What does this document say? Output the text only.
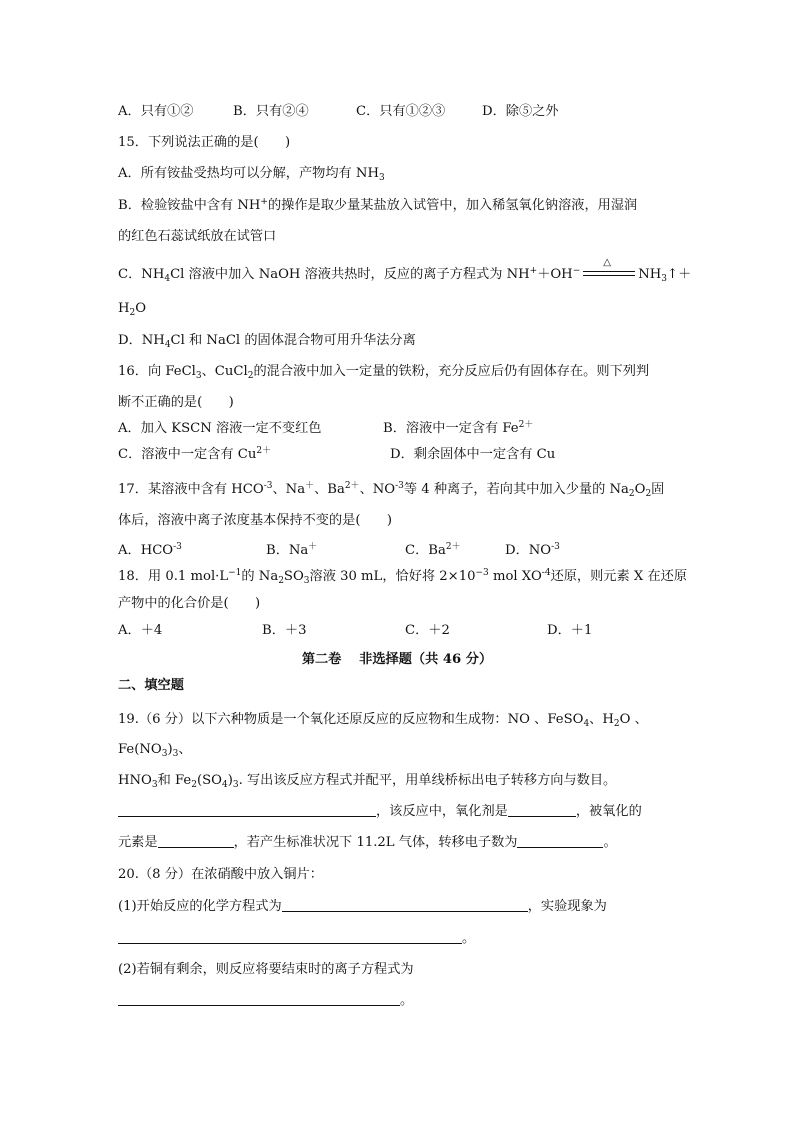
A．只有①②	B．只有②④	C．只有①②③	D．除⑤之外
15．下列说法正确的是(　　)
A．所有铵盐受热均可以分解，产物均有 $NH_3$
B．检验铵盐中含有 NH+的操作是取少量某盐放入试管中，加入稀氢氧化钠溶液，用湿润
的红色石蕊试纸放在试管口
C．$NH_4Cl$ 溶液中加入 NaOH 溶液共热时，反应的离子方程式为 NH+＋OH−
△
$NH_3↑+$
$H_2O$
D．$NH_4Cl$ 和 NaCl 的固体混合物可用升华法分离
16．向 FeCl$_3$、CuCl$_2$的混合液中加入一定量的铁粉，充分反应后仍有固体存在。则下列判
断不正确的是(　　)
A．加入 KSCN 溶液一定不变红色	B．溶液中一定含有 $Fe^{2+}$
C．溶液中一定含有 $Cu^{2+}$	D．剩余固体中一定含有 Cu
17．某溶液中含有 $HCO^{-3}$、Na＋、$Ba^{2+}$、$NO^{-3}$等 4 种离子，若向其中加入少量的 $Na_2O_2$固
体后，溶液中离子浓度基本保持不变的是(　　)
A．$HCO^{-3}$	B．Na＋	C．$Ba^{2+}$	D．$NO^{-3}$
18．用 0.1 $mol\cdot L^{-1}$的 $Na_2SO_3$溶液 30 mL，恰好将 $2\times 10^{-3}$ mol $XO^{-4}$还原，则元素 X 在还原
产物中的化合价是(　　)
A．＋4	B．＋3	C．＋2	D．＋1
第二卷　 非选择题（共 46 分）
二、填空题
19.（6 分）以下六种物质是一个氧化还原反应的反应物和生成物：NO 、FeSO$_4$、$H_2O$ 、
$Fe(NO_3)_3$、
$HNO_3$和 $Fe_2(SO_4)_3$. 写出该反应方程式并配平，用单线桥标出电子转移方向与数目。
，该反应中，氧化剂是	，被氧化的
元素是	，若产生标准状况下 11.2L 气体，转移电子数为	。
20.（8 分）在浓硝酸中放入铜片：
(1)开始反应的化学方程式为	，实验现象为
。
(2)若铜有剩余，则反应将要结束时的离子方程式为
。
